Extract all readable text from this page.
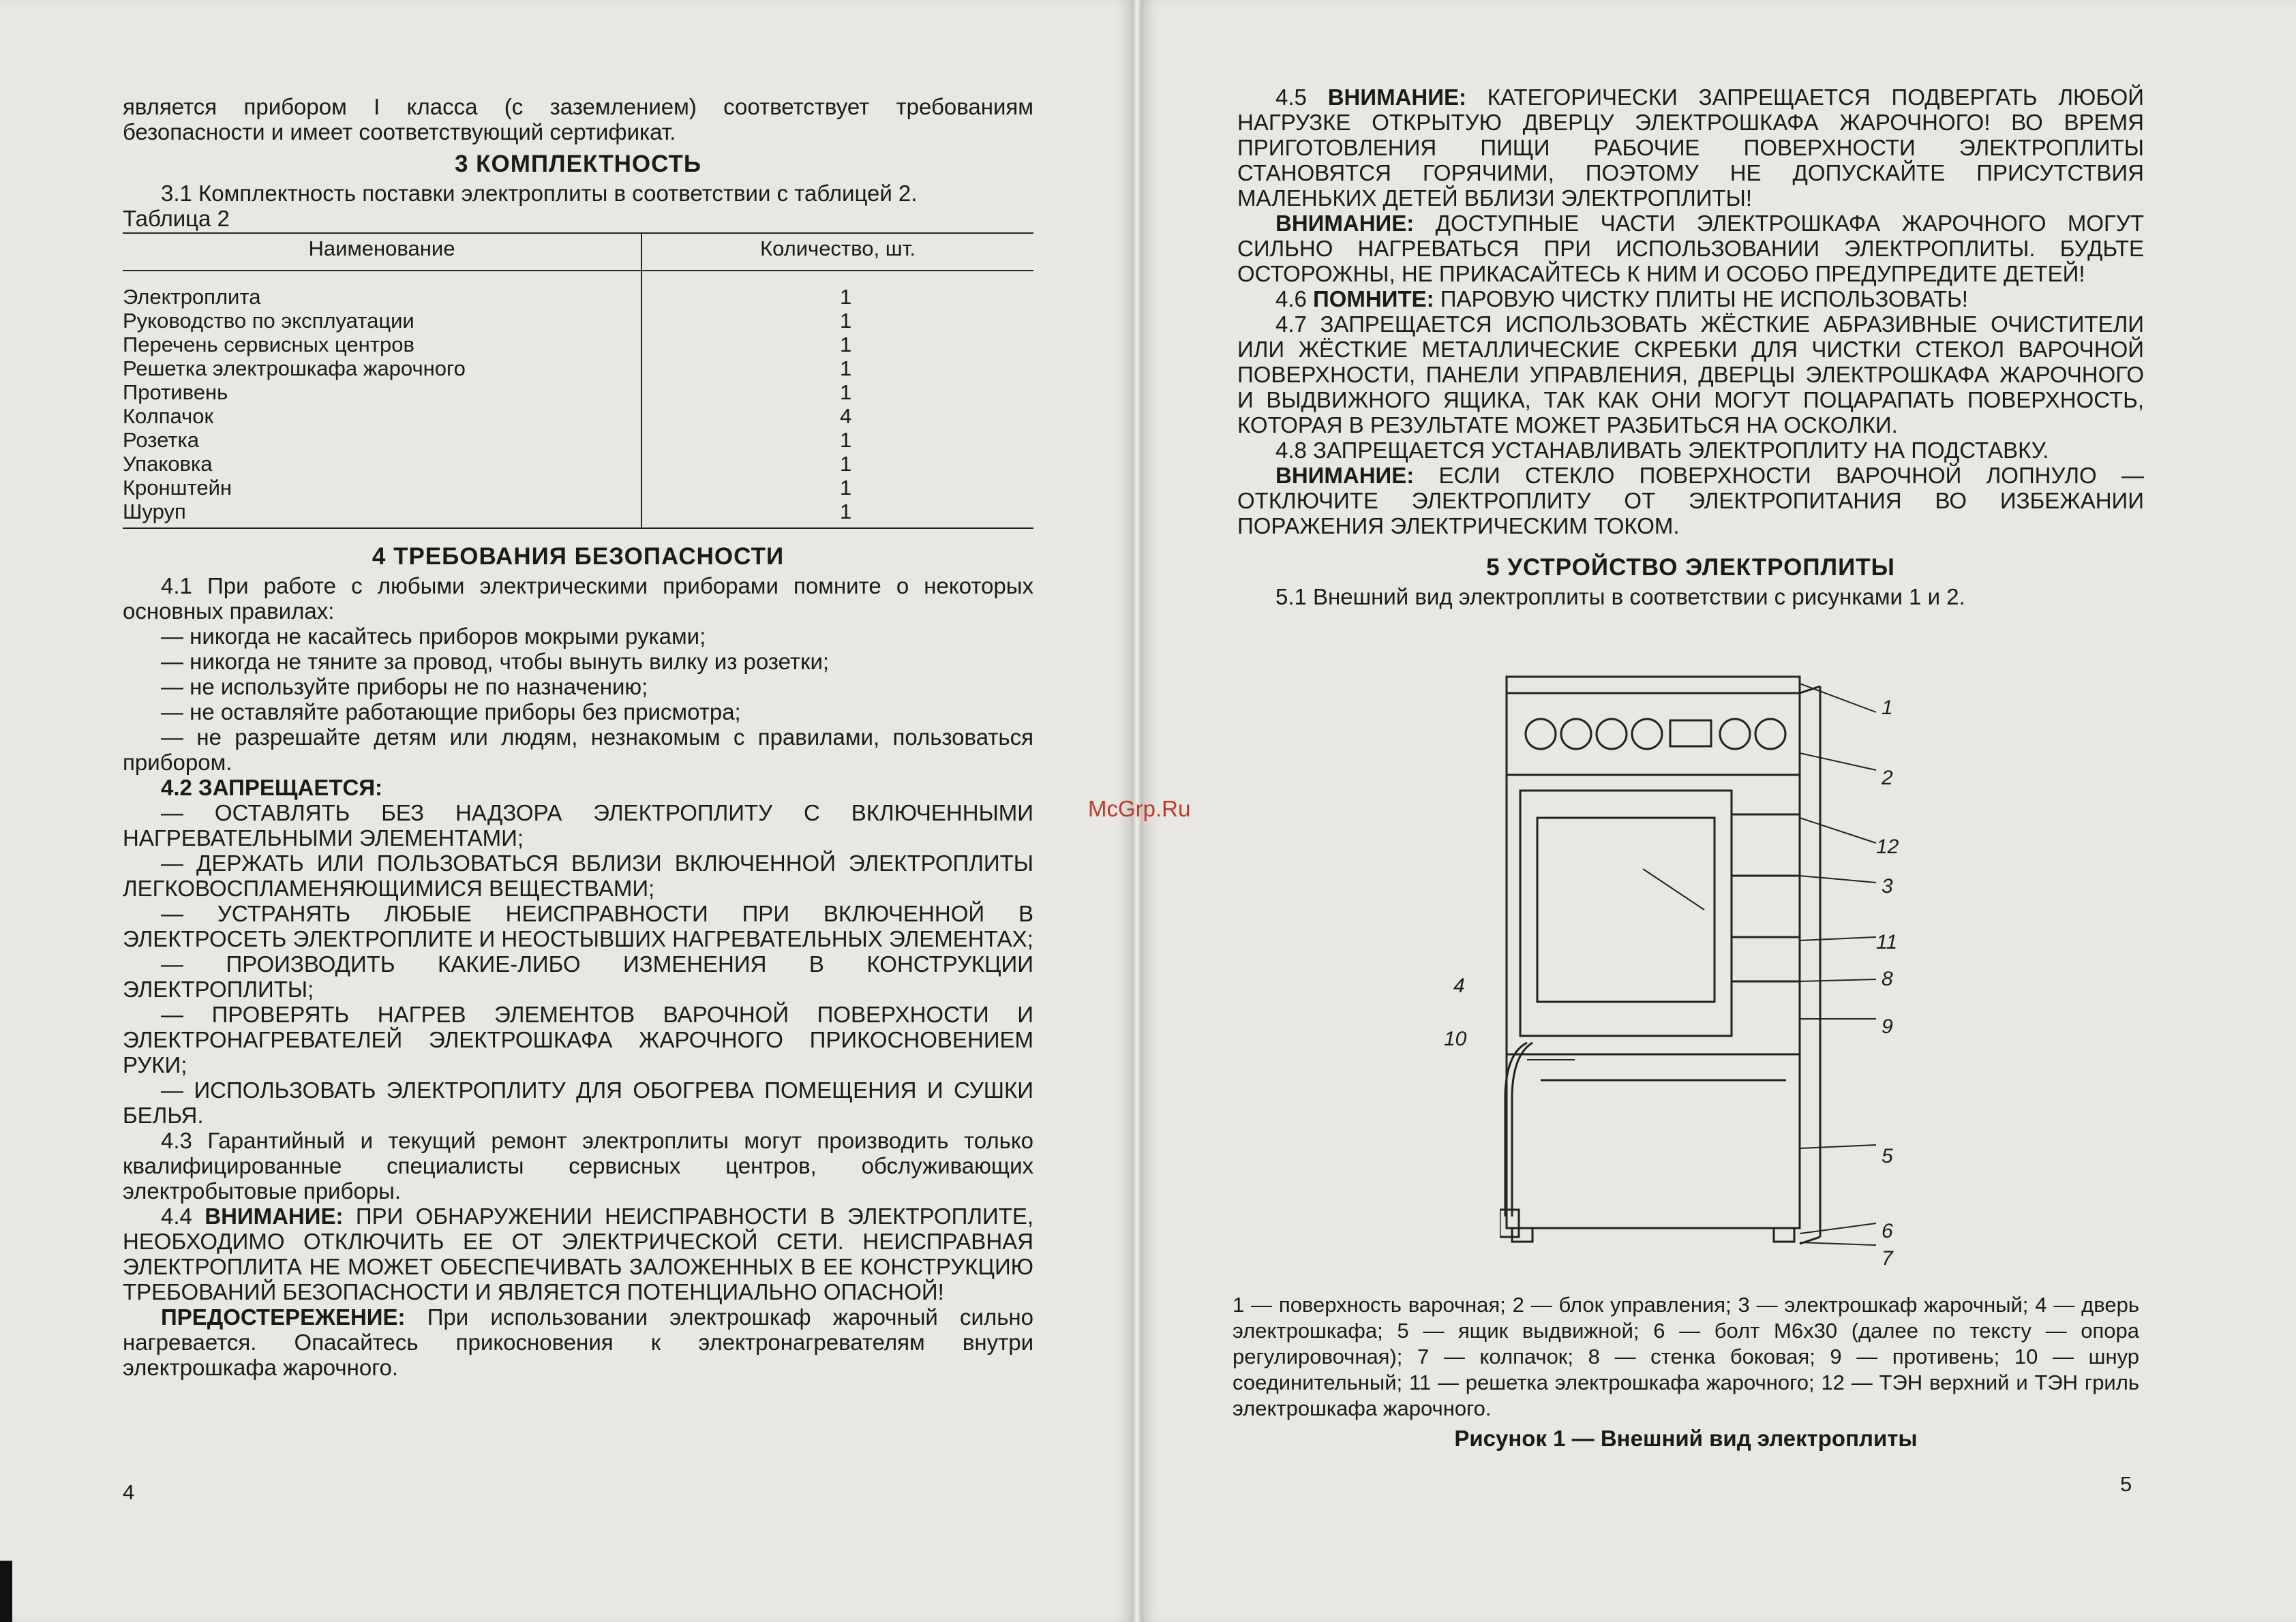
является прибором I класса (с заземлением) соответствует требованиям безопасности и имеет соответствующий сертификат.

3 КОМПЛЕКТНОСТЬ

3.1 Комплектность поставки электроплиты в соответствии с таблицей 2.

Таблица 2

Наименование	Количество, шт.
Электроплита	1
Руководство по эксплуатации	1
Перечень сервисных центров	1
Решетка электрошкафа жарочного	1
Противень	1
Колпачок	4
Розетка	1
Упаковка	1
Кронштейн	1
Шуруп	1
4 ТРЕБОВАНИЯ БЕЗОПАСНОСТИ

4.1 При работе с любыми электрическими приборами помните о некоторых основных правилах:

— никогда не касайтесь приборов мокрыми руками;

— никогда не тяните за провод, чтобы вынуть вилку из розетки;

— не используйте приборы не по назначению;

— не оставляйте работающие приборы без присмотра;

— не разрешайте детям или людям, незнакомым с правилами, пользоваться прибором.

4.2 ЗАПРЕЩАЕТСЯ:

— ОСТАВЛЯТЬ БЕЗ НАДЗОРА ЭЛЕКТРОПЛИТУ С ВКЛЮЧЕННЫМИ НАГРЕВАТЕЛЬНЫМИ ЭЛЕМЕНТАМИ;

— ДЕРЖАТЬ ИЛИ ПОЛЬЗОВАТЬСЯ ВБЛИЗИ ВКЛЮЧЕННОЙ ЭЛЕКТРОПЛИТЫ ЛЕГКОВОСПЛАМЕНЯЮЩИМИСЯ ВЕЩЕСТВАМИ;

— УСТРАНЯТЬ ЛЮБЫЕ НЕИСПРАВНОСТИ ПРИ ВКЛЮЧЕННОЙ В ЭЛЕКТРОСЕТЬ ЭЛЕКТРОПЛИТЕ И НЕОСТЫВШИХ НАГРЕВАТЕЛЬНЫХ ЭЛЕМЕНТАХ;

— ПРОИЗВОДИТЬ КАКИЕ-ЛИБО ИЗМЕНЕНИЯ В КОНСТРУКЦИИ ЭЛЕКТРОПЛИТЫ;

— ПРОВЕРЯТЬ НАГРЕВ ЭЛЕМЕНТОВ ВАРОЧНОЙ ПОВЕРХНОСТИ И ЭЛЕКТРОНАГРЕВАТЕЛЕЙ ЭЛЕКТРОШКАФА ЖАРОЧНОГО ПРИКОСНОВЕНИЕМ РУКИ;

— ИСПОЛЬЗОВАТЬ ЭЛЕКТРОПЛИТУ ДЛЯ ОБОГРЕВА ПОМЕЩЕНИЯ И СУШКИ БЕЛЬЯ.

4.3 Гарантийный и текущий ремонт электроплиты могут производить только квалифицированные специалисты сервисных центров, обслуживающих электробытовые приборы.

4.4 ВНИМАНИЕ: ПРИ ОБНАРУЖЕНИИ НЕИСПРАВНОСТИ В ЭЛЕКТРОПЛИТЕ, НЕОБХОДИМО ОТКЛЮЧИТЬ ЕЕ ОТ ЭЛЕКТРИЧЕСКОЙ СЕТИ. НЕИСПРАВНАЯ ЭЛЕКТРОПЛИТА НЕ МОЖЕТ ОБЕСПЕЧИВАТЬ ЗАЛОЖЕННЫХ В ЕЕ КОНСТРУКЦИЮ ТРЕБОВАНИЙ БЕЗОПАСНОСТИ И ЯВЛЯЕТСЯ ПОТЕНЦИАЛЬНО ОПАСНОЙ!

ПРЕДОСТЕРЕЖЕНИЕ: При использовании электрошкаф жарочный сильно нагревается. Опасайтесь прикосновения к электронагревателям внутри электрошкафа жарочного.

4
McGrp.Ru

4.5 ВНИМАНИЕ: КАТЕГОРИЧЕСКИ ЗАПРЕЩАЕТСЯ ПОДВЕРГАТЬ ЛЮБОЙ НАГРУЗКЕ ОТКРЫТУЮ ДВЕРЦУ ЭЛЕКТРОШКАФА ЖАРОЧНОГО! ВО ВРЕМЯ ПРИГОТОВЛЕНИЯ ПИЩИ РАБОЧИЕ ПОВЕРХНОСТИ ЭЛЕКТРОПЛИТЫ СТАНОВЯТСЯ ГОРЯЧИМИ, ПОЭТОМУ НЕ ДОПУСКАЙТЕ ПРИСУТСТВИЯ МАЛЕНЬКИХ ДЕТЕЙ ВБЛИЗИ ЭЛЕКТРОПЛИТЫ!

ВНИМАНИЕ: ДОСТУПНЫЕ ЧАСТИ ЭЛЕКТРОШКАФА ЖАРОЧНОГО МОГУТ СИЛЬНО НАГРЕВАТЬСЯ ПРИ ИСПОЛЬЗОВАНИИ ЭЛЕКТРОПЛИТЫ. БУДЬТЕ ОСТОРОЖНЫ, НЕ ПРИКАСАЙТЕСЬ К НИМ И ОСОБО ПРЕДУПРЕДИТЕ ДЕТЕЙ!

4.6 ПОМНИТЕ: ПАРОВУЮ ЧИСТКУ ПЛИТЫ НЕ ИСПОЛЬЗОВАТЬ!

4.7 ЗАПРЕЩАЕТСЯ ИСПОЛЬЗОВАТЬ ЖЁСТКИЕ АБРАЗИВНЫЕ ОЧИСТИТЕЛИ ИЛИ ЖЁСТКИЕ МЕТАЛЛИЧЕСКИЕ СКРЕБКИ ДЛЯ ЧИСТКИ СТЕКОЛ ВАРОЧНОЙ ПОВЕРХНОСТИ, ПАНЕЛИ УПРАВЛЕНИЯ, ДВЕРЦЫ ЭЛЕКТРОШКАФА ЖАРОЧНОГО И ВЫДВИЖНОГО ЯЩИКА, ТАК КАК ОНИ МОГУТ ПОЦАРАПАТЬ ПОВЕРХНОСТЬ, КОТОРАЯ В РЕЗУЛЬТАТЕ МОЖЕТ РАЗБИТЬСЯ НА ОСКОЛКИ.

4.8 ЗАПРЕЩАЕТСЯ УСТАНАВЛИВАТЬ ЭЛЕКТРОПЛИТУ НА ПОДСТАВКУ.

ВНИМАНИЕ: ЕСЛИ СТЕКЛО ПОВЕРХНОСТИ ВАРОЧНОЙ ЛОПНУЛО — ОТКЛЮЧИТЕ ЭЛЕКТРОПЛИТУ ОТ ЭЛЕКТРОПИТАНИЯ ВО ИЗБЕЖАНИИ ПОРАЖЕНИЯ ЭЛЕКТРИЧЕСКИМ ТОКОМ.

5 УСТРОЙСТВО ЭЛЕКТРОПЛИТЫ

5.1 Внешний вид электроплиты в соответствии с рисунками 1 и 2.

1
2
12
3
11
8
9
4
10
5
6
7
1 — поверхность варочная; 2 — блок управления; 3 — электрошкаф жарочный; 4 — дверь электрошкафа; 5 — ящик выдвижной; 6 — болт М6х30 (далее по тексту — опора регулировочная); 7 — колпачок; 8 — стенка боковая; 9 — противень; 10 — шнур соединительный; 11 — решетка электрошкафа жарочного; 12 — ТЭН верхний и ТЭН гриль электрошкафа жарочного.
Рисунок 1 — Внешний вид электроплиты
5
